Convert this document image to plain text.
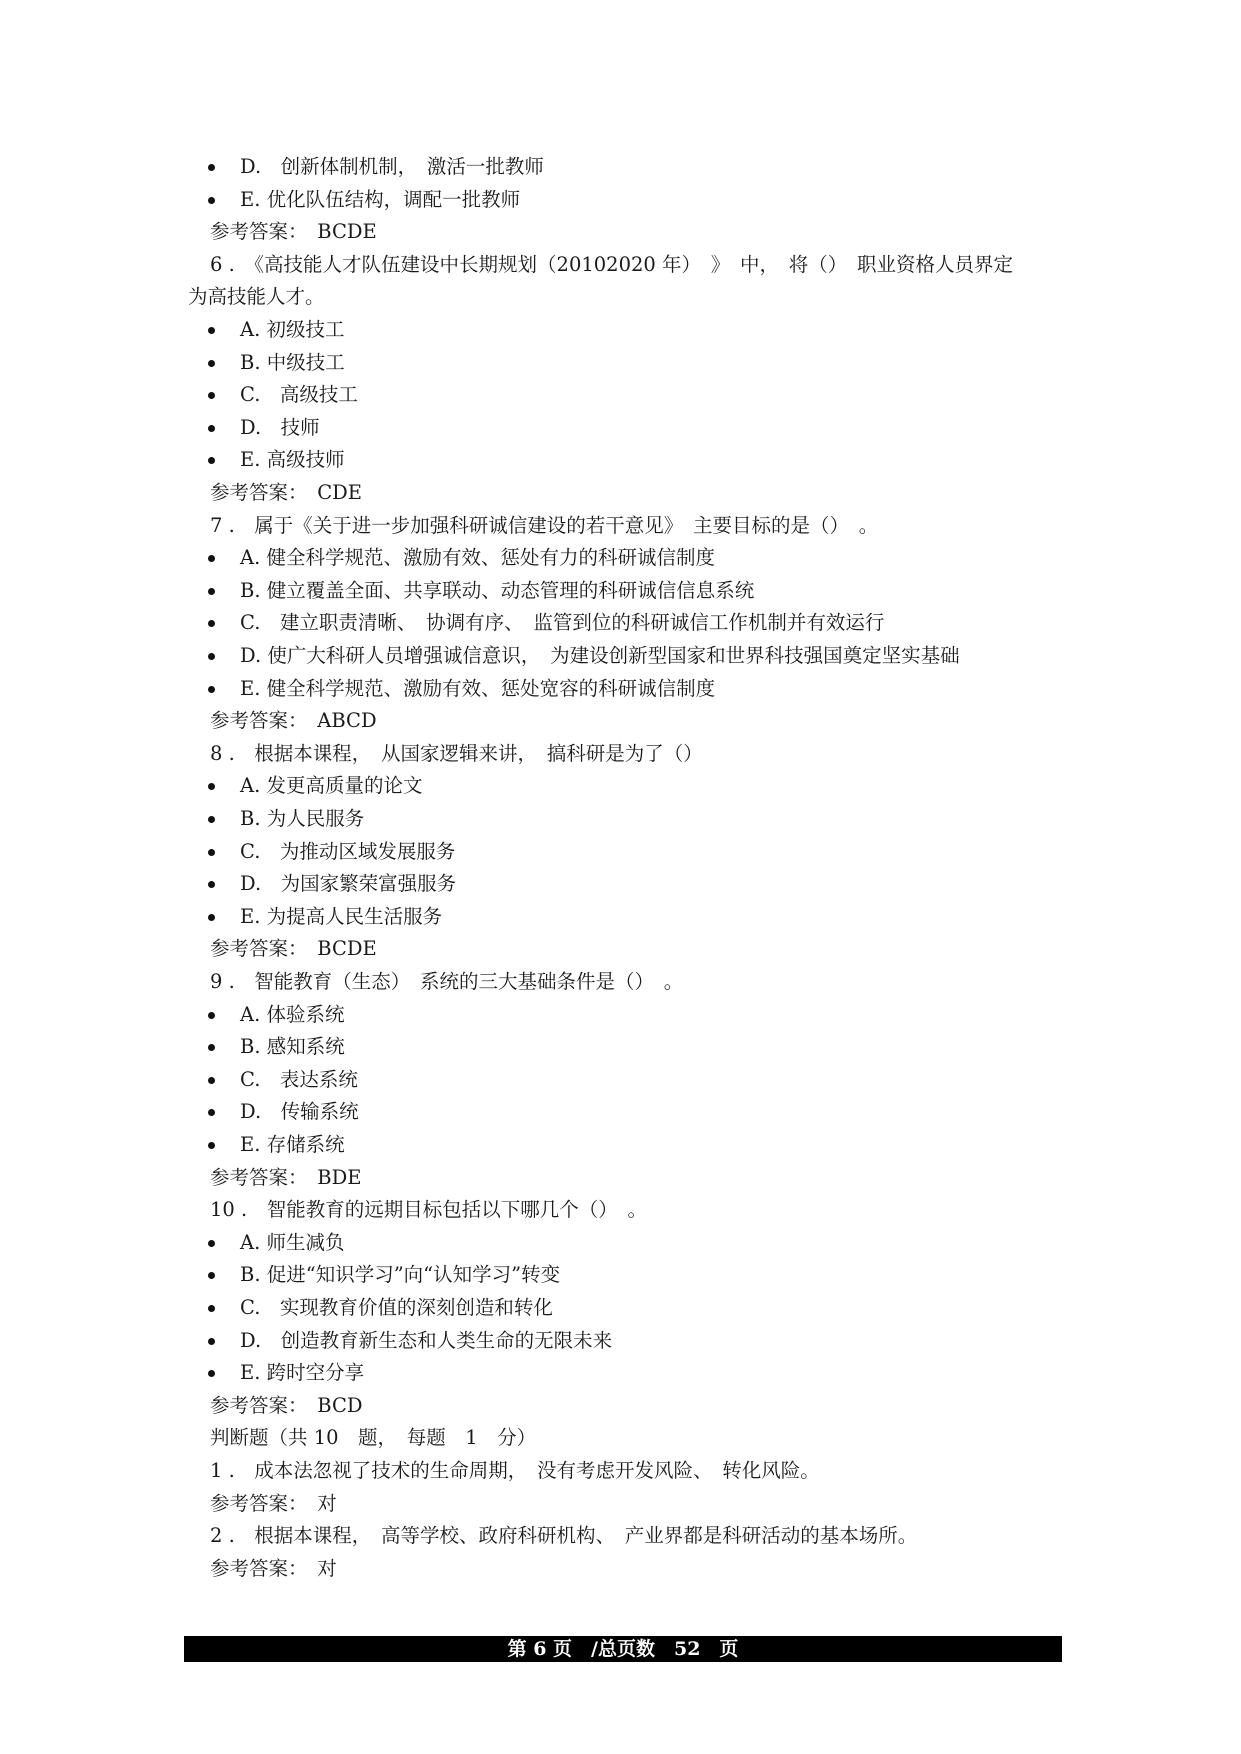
D.　创新体制机制，　激活一批教师
E. 优化队伍结构，调配一批教师
参考答案：　BCDE
6 .　《高技能人才队伍建设中长期规划（20102020 年）　》　中，　将（）　职业资格人员界定
为高技能人才。
A. 初级技工
B. 中级技工
C.　高级技工
D.　技师
E. 高级技师
参考答案：　CDE
7 .　属于《关于进一步加强科研诚信建设的若干意见》　主要目标的是（）　。
A. 健全科学规范、激励有效、惩处有力的科研诚信制度
B. 健立覆盖全面、共享联动、动态管理的科研诚信信息系统
C.　建立职责清晰、　协调有序、　监管到位的科研诚信工作机制并有效运行
D. 使广大科研人员增强诚信意识，　为建设创新型国家和世界科技强国奠定坚实基础
E. 健全科学规范、激励有效、惩处宽容的科研诚信制度
参考答案：　ABCD
8 .　根据本课程，　从国家逻辑来讲，　搞科研是为了（）
A. 发更高质量的论文
B. 为人民服务
C.　为推动区域发展服务
D.　为国家繁荣富强服务
E. 为提高人民生活服务
参考答案：　BCDE
9 .　智能教育（生态）　系统的三大基础条件是（）　。
A. 体验系统
B. 感知系统
C.　表达系统
D.　传输系统
E. 存储系统
参考答案：　BDE
10 .　智能教育的远期目标包括以下哪几个（）　。
A. 师生减负
B. 促进“知识学习”向“认知学习”转变
C.　实现教育价值的深刻创造和转化
D.　创造教育新生态和人类生命的无限未来
E. 跨时空分享
参考答案：　BCD
判断题（共 10　题，　每题　1　分）
1 .　成本法忽视了技术的生命周期，　没有考虑开发风险、　转化风险。
参考答案：　对
2 .　根据本课程，　高等学校、政府科研机构、　产业界都是科研活动的基本场所。
参考答案：　对
第 6 页　/总页数　52　页
